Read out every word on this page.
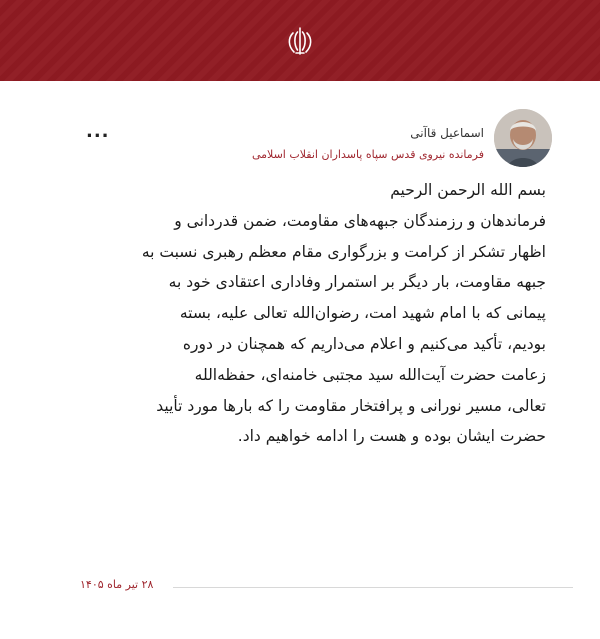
اسماعیل قاآنی
فرمانده نیروی قدس سپاه پاسداران انقلاب اسلامی
...
بسم الله الرحمن الرحیم
فرماندهان و رزمندگان جبهه‌های مقاومت، ضمن قدردانی و
اظهار تشکر از کرامت و بزرگواری مقام معظم رهبری نسبت به
جبهه مقاومت، بار دیگر بر استمرار وفاداری اعتقادی خود به
پیمانی که با امام شهید امت، رضوان‌الله تعالی علیه، بسته
بودیم، تأکید می‌کنیم و اعلام می‌داریم که همچنان در دوره
زعامت حضرت آیت‌الله سید مجتبی خامنه‌ای، حفظه‌الله
تعالی، مسیر نورانی و پرافتخار مقاومت را که بارها مورد تأیید
حضرت ایشان بوده و هست را ادامه خواهیم داد.
۲۸ تیر ماه ۱۴۰۵
